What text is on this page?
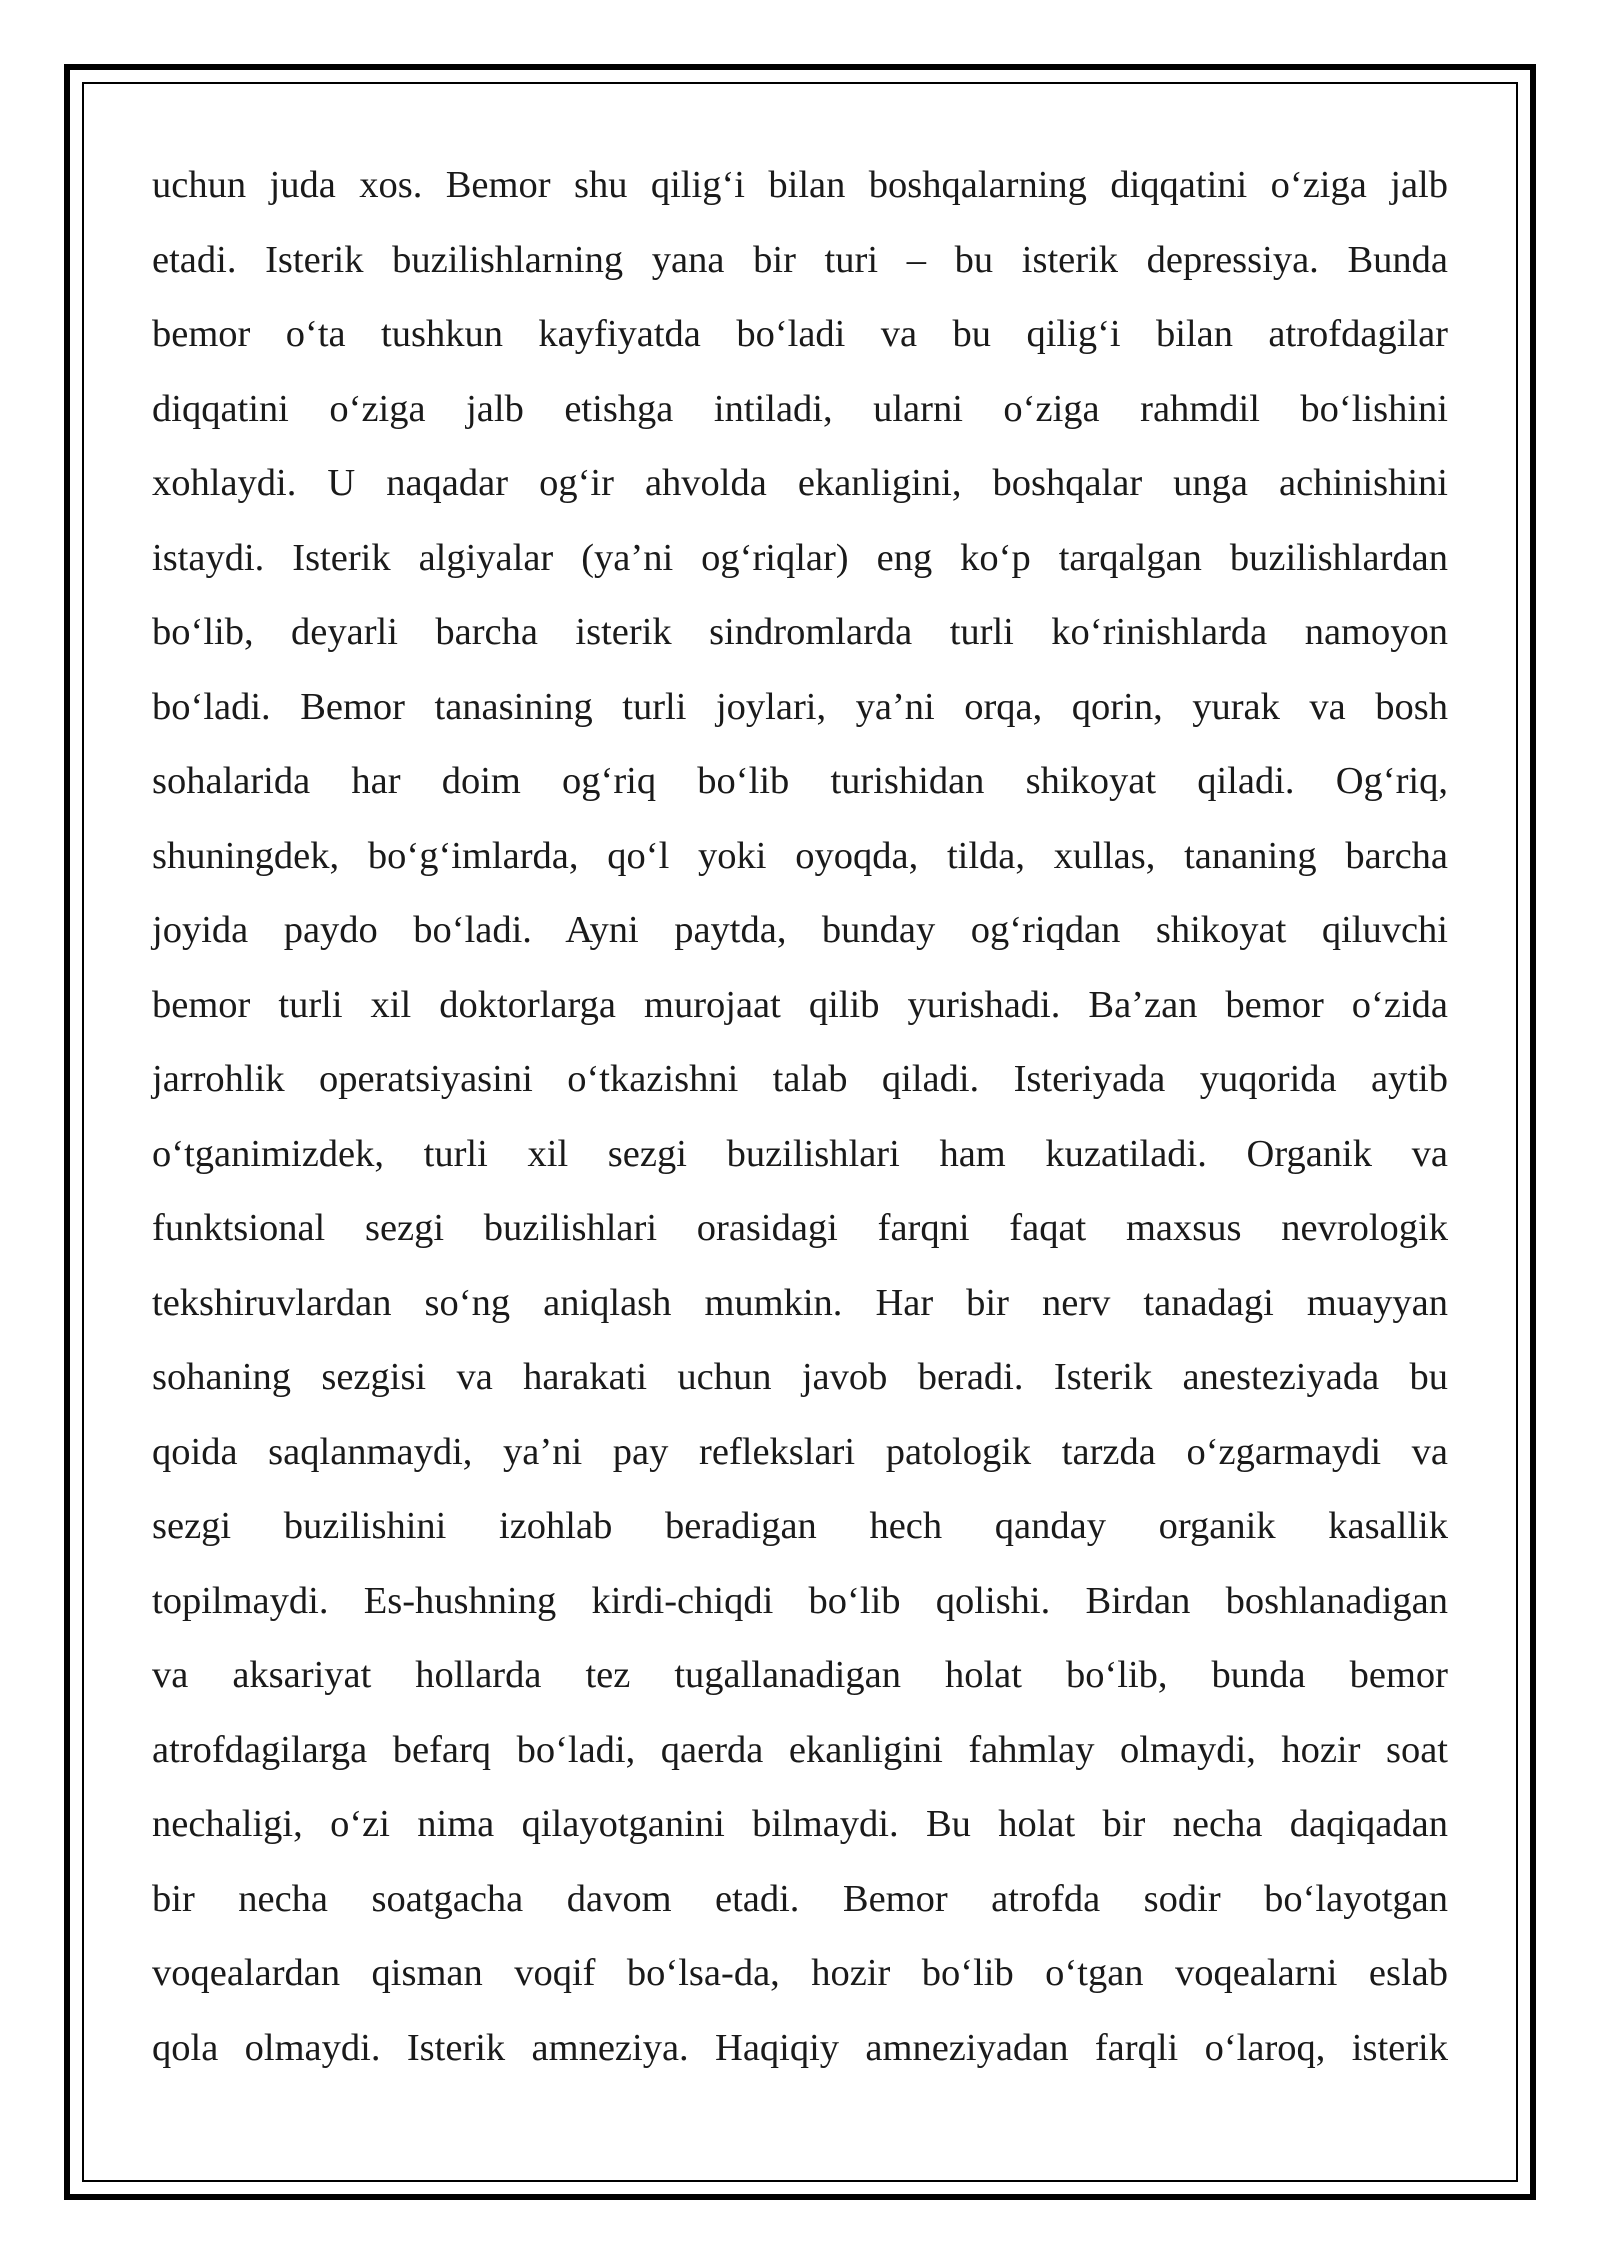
uchun juda xos. Bemor shu qilig‘i bilan boshqalarning diqqatini o‘ziga jalb
etadi. Isterik buzilishlarning yana bir turi – bu isterik depressiya. Bunda
bemor o‘ta tushkun kayfiyatda bo‘ladi va bu qilig‘i bilan atrofdagilar
diqqatini o‘ziga jalb etishga intiladi, ularni o‘ziga rahmdil bo‘lishini
xohlaydi. U naqadar og‘ir ahvolda ekanligini, boshqalar unga achinishini
istaydi. Isterik algiyalar (ya’ni og‘riqlar) eng ko‘p tarqalgan buzilishlardan
bo‘lib, deyarli barcha isterik sindromlarda turli ko‘rinishlarda namoyon
bo‘ladi. Bemor tanasining turli joylari, ya’ni orqa, qorin, yurak va bosh
sohalarida har doim og‘riq bo‘lib turishidan shikoyat qiladi. Og‘riq,
shuningdek, bo‘g‘imlarda, qo‘l yoki oyoqda, tilda, xullas, tananing barcha
joyida paydo bo‘ladi. Ayni paytda, bunday og‘riqdan shikoyat qiluvchi
bemor turli xil doktorlarga murojaat qilib yurishadi. Ba’zan bemor o‘zida
jarrohlik operatsiyasini o‘tkazishni talab qiladi. Isteriyada yuqorida aytib
o‘tganimizdek, turli xil sezgi buzilishlari ham kuzatiladi. Organik va
funktsional sezgi buzilishlari orasidagi farqni faqat maxsus nevrologik
tekshiruvlardan so‘ng aniqlash mumkin. Har bir nerv tanadagi muayyan
sohaning sezgisi va harakati uchun javob beradi. Isterik anesteziyada bu
qoida saqlanmaydi, ya’ni pay reflekslari patologik tarzda o‘zgarmaydi va
sezgi buzilishini izohlab beradigan hech qanday organik kasallik
topilmaydi. Es-hushning kirdi-chiqdi bo‘lib qolishi. Birdan boshlanadigan
va aksariyat hollarda tez tugallanadigan holat bo‘lib, bunda bemor
atrofdagilarga befarq bo‘ladi, qaerda ekanligini fahmlay olmaydi, hozir soat
nechaligi, o‘zi nima qilayotganini bilmaydi. Bu holat bir necha daqiqadan
bir necha soatgacha davom etadi. Bemor atrofda sodir bo‘layotgan
voqealardan qisman voqif bo‘lsa-da, hozir bo‘lib o‘tgan voqealarni eslab
qola olmaydi. Isterik amneziya. Haqiqiy amneziyadan farqli o‘laroq, isterik
